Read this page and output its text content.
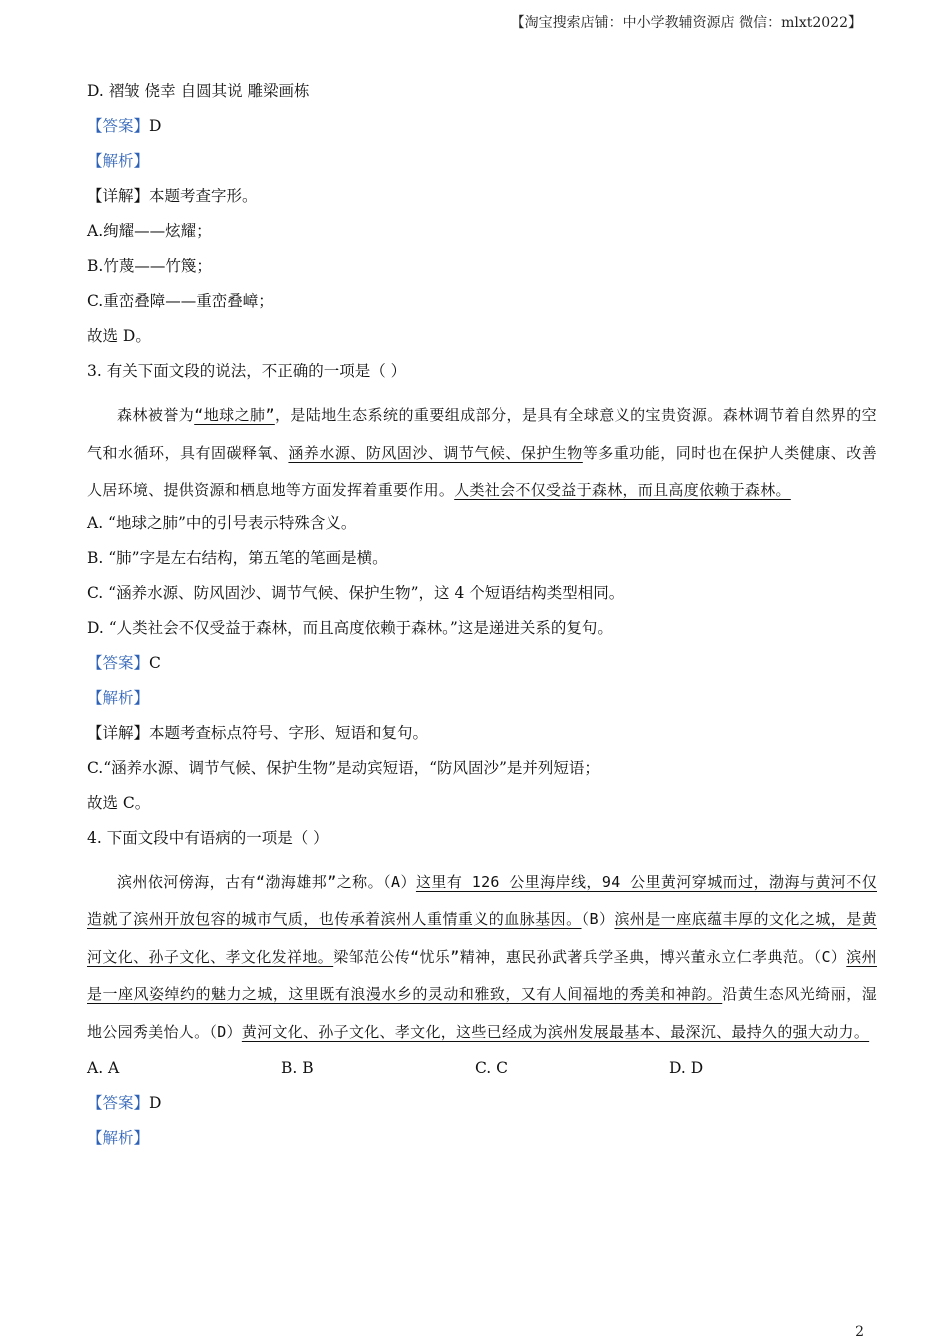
【淘宝搜索店铺：中小学教辅资源店 微信：mlxt2022】
D. 褶皱 侥幸 自圆其说 雕梁画栋
【答案】D
【解析】
【详解】本题考查字形。
A.绚耀——炫耀；
B.竹蔑——竹篾；
C.重峦叠障——重峦叠嶂；
故选 D。
3. 有关下面文段的说法，不正确的一项是（ ）
森林被誉为“地球之肺”，是陆地生态系统的重要组成部分，是具有全球意义的宝贵资源。森林调节着自然界的空气和水循环，具有固碳释氧、涵养水源、防风固沙、调节气候、保护生物等多重功能，同时也在保护人类健康、改善人居环境、提供资源和栖息地等方面发挥着重要作用。人类社会不仅受益于森林，而且高度依赖于森林。
A. “地球之肺”中的引号表示特殊含义。
B. “肺”字是左右结构，第五笔的笔画是横。
C. “涵养水源、防风固沙、调节气候、保护生物”，这 4 个短语结构类型相同。
D. “人类社会不仅受益于森林，而且高度依赖于森林。”这是递进关系的复句。
【答案】C
【解析】
【详解】本题考查标点符号、字形、短语和复句。
C.“涵养水源、调节气候、保护生物”是动宾短语，“防风固沙”是并列短语；
故选 C。
4. 下面文段中有语病的一项是（ ）
滨州依河傍海，古有“渤海雄邦”之称。（A）这里有 126 公里海岸线，94 公里黄河穿城而过，渤海与黄河不仅造就了滨州开放包容的城市气质，也传承着滨州人重情重义的血脉基因。（B）滨州是一座底蕴丰厚的文化之城，是黄河文化、孙子文化、孝文化发祥地。梁邹范公传“忧乐”精神，惠民孙武著兵学圣典，博兴董永立仁孝典范。（C）滨州是一座风姿绰约的魅力之城，这里既有浪漫水乡的灵动和雅致，又有人间福地的秀美和神韵。沿黄生态风光绮丽，湿地公园秀美怡人。（D）黄河文化、孙子文化、孝文化，这些已经成为滨州发展最基本、最深沉、最持久的强大动力。
A. A	B. B	C. C	D. D
【答案】D
【解析】
2
